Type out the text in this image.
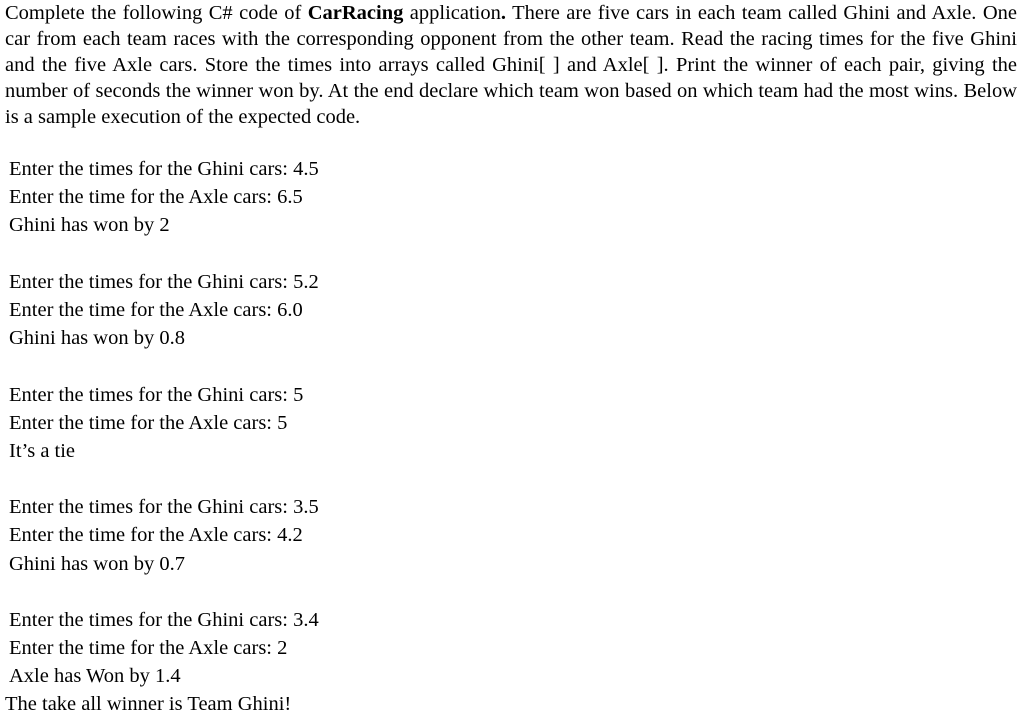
Complete the following C# code of CarRacing application. There are five cars in each team called Ghini and Axle. One car from each team races with the corresponding opponent from the other team. Read the racing times for the five Ghini and the five Axle cars. Store the times into arrays called Ghini[ ] and Axle[ ]. Print the winner of each pair, giving the number of seconds the winner won by. At the end declare which team won based on which team had the most wins. Below is a sample execution of the expected code.

Enter the times for the Ghini cars: 4.5
Enter the time for the Axle cars: 6.5
Ghini has won by 2
Enter the times for the Ghini cars: 5.2
Enter the time for the Axle cars: 6.0
Ghini has won by 0.8
Enter the times for the Ghini cars: 5
Enter the time for the Axle cars: 5
It’s a tie
Enter the times for the Ghini cars: 3.5
Enter the time for the Axle cars: 4.2
Ghini has won by 0.7
Enter the times for the Ghini cars: 3.4
Enter the time for the Axle cars: 2
Axle has Won by 1.4
The take all winner is Team Ghini!
